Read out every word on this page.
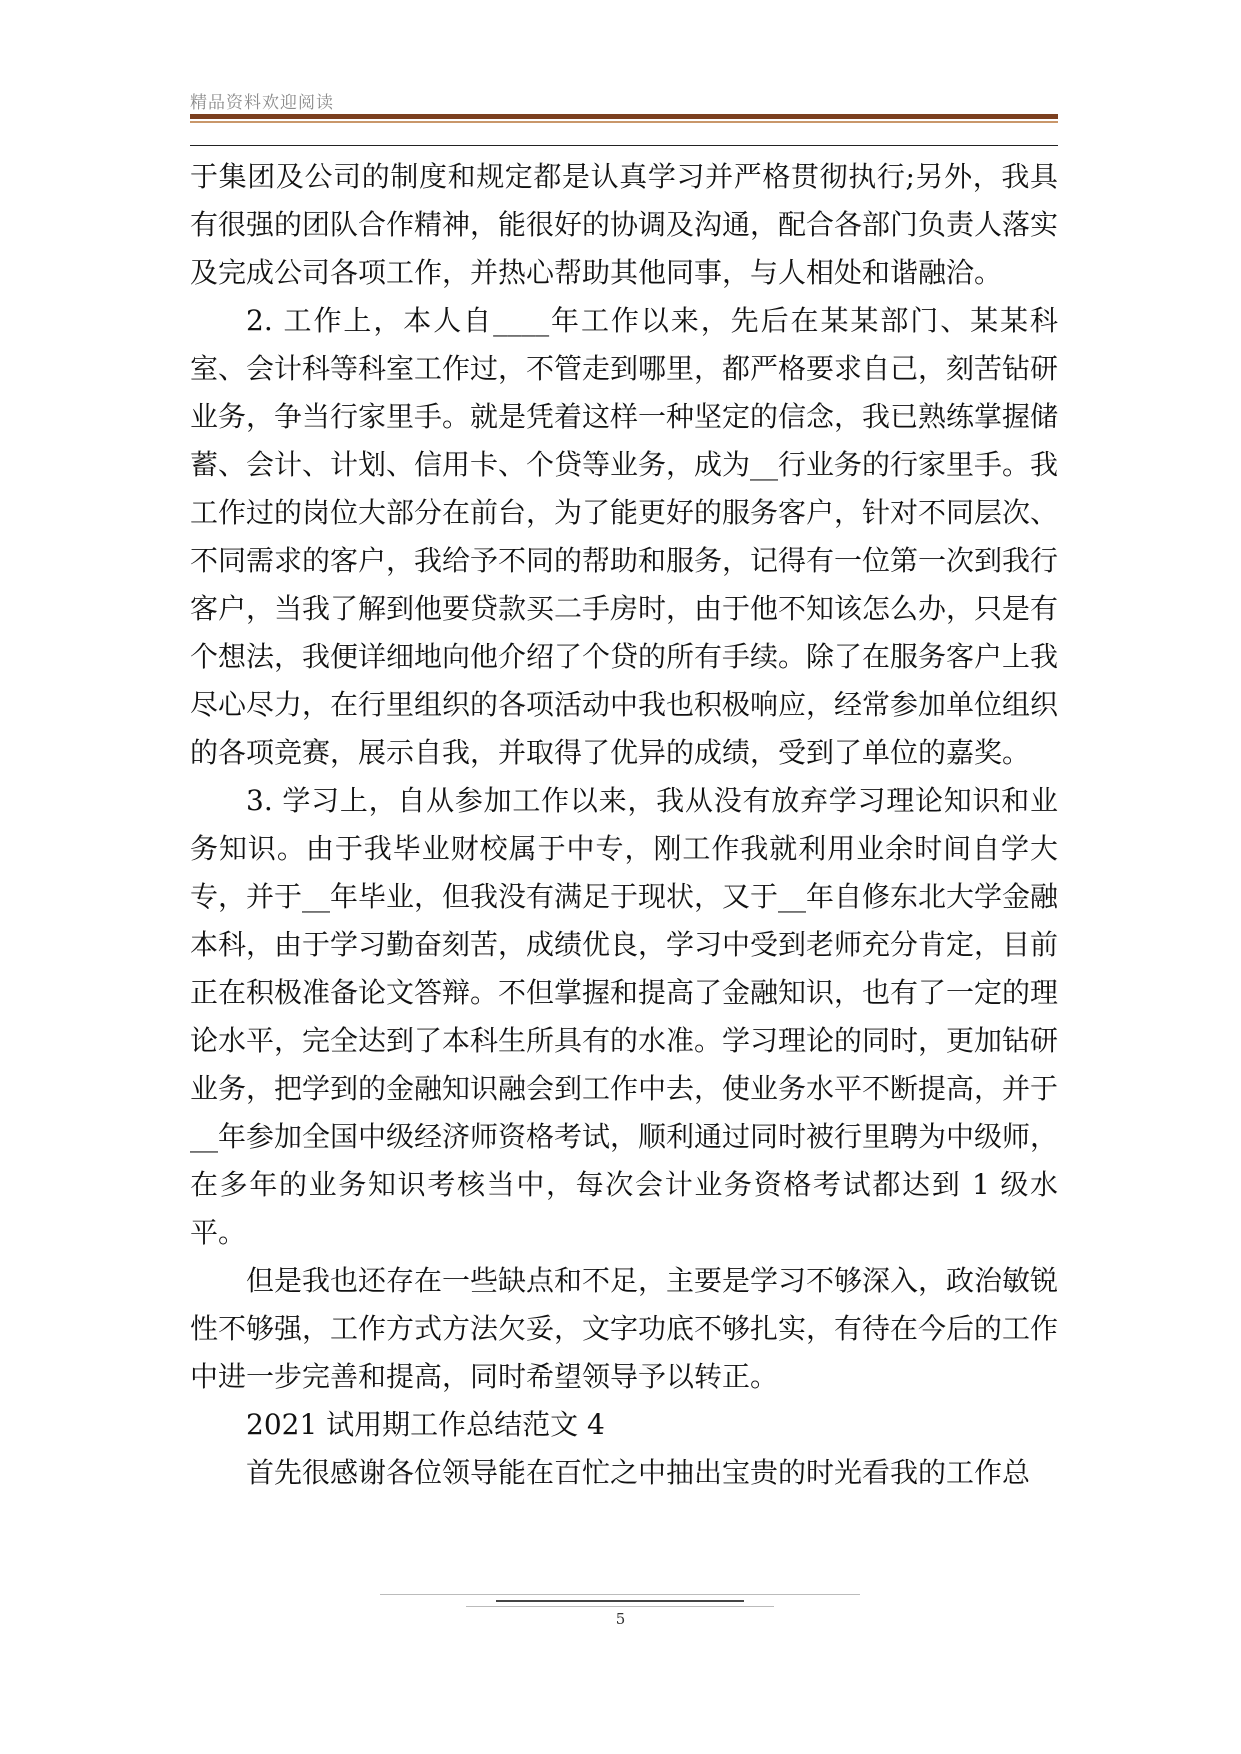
精品资料欢迎阅读

于集团及公司的制度和规定都是认真学习并严格贯彻执行;另外，我具有很强的团队合作精神，能很好的协调及沟通，配合各部门负责人落实及完成公司各项工作，并热心帮助其他同事，与人相处和谐融洽。

2. 工作上，本人自____年工作以来，先后在某某部门、某某科室、会计科等科室工作过，不管走到哪里，都严格要求自己，刻苦钻研业务，争当行家里手。就是凭着这样一种坚定的信念，我已熟练掌握储蓄、会计、计划、信用卡、个贷等业务，成为__行业务的行家里手。我工作过的岗位大部分在前台，为了能更好的服务客户，针对不同层次、不同需求的客户，我给予不同的帮助和服务，记得有一位第一次到我行客户，当我了解到他要贷款买二手房时，由于他不知该怎么办，只是有个想法，我便详细地向他介绍了个贷的所有手续。除了在服务客户上我尽心尽力，在行里组织的各项活动中我也积极响应，经常参加单位组织的各项竞赛，展示自我，并取得了优异的成绩，受到了单位的嘉奖。

3. 学习上，自从参加工作以来，我从没有放弃学习理论知识和业务知识。由于我毕业财校属于中专，刚工作我就利用业余时间自学大专，并于__年毕业，但我没有满足于现状，又于__年自修东北大学金融本科，由于学习勤奋刻苦，成绩优良，学习中受到老师充分肯定，目前正在积极准备论文答辩。不但掌握和提高了金融知识，也有了一定的理论水平，完全达到了本科生所具有的水准。学习理论的同时，更加钻研业务，把学到的金融知识融会到工作中去，使业务水平不断提高，并于__年参加全国中级经济师资格考试，顺利通过同时被行里聘为中级师，在多年的业务知识考核当中，每次会计业务资格考试都达到 1 级水平。

但是我也还存在一些缺点和不足，主要是学习不够深入，政治敏锐性不够强，工作方式方法欠妥，文字功底不够扎实，有待在今后的工作中进一步完善和提高，同时希望领导予以转正。

2021 试用期工作总结范文 4

首先很感谢各位领导能在百忙之中抽出宝贵的时光看我的工作总

5
